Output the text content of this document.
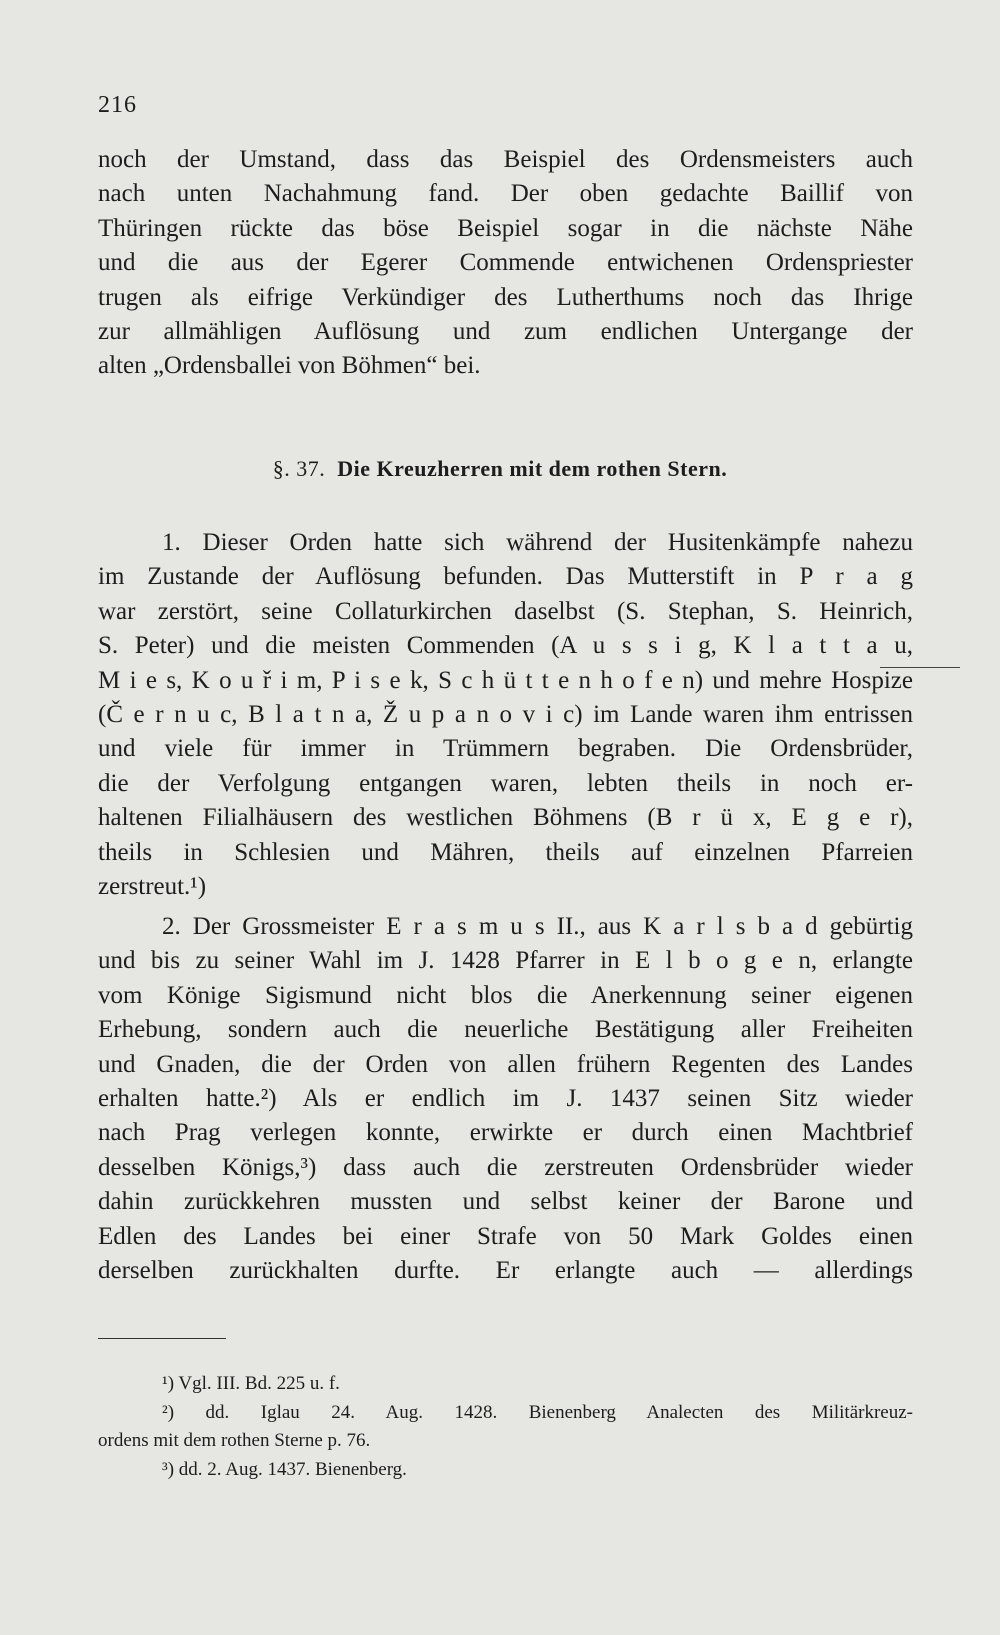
216
noch der Umstand, dass das Beispiel des Ordensmeisters auch
nach unten Nachahmung fand. Der oben gedachte Baillif von
Thüringen rückte das böse Beispiel sogar in die nächste Nähe
und die aus der Egerer Commende entwichenen Ordenspriester
trugen als eifrige Verkündiger des Lutherthums noch das Ihrige
zur allmähligen Auflösung und zum endlichen Untergange der
alten „Ordensballei von Böhmen“ bei.
§. 37. Die Kreuzherren mit dem rothen Stern.
1. Dieser Orden hatte sich während der Husitenkämpfe nahezu
im Zustande der Auflösung befunden. Das Mutterstift in P r a g
war zerstört, seine Collaturkirchen daselbst (S. Stephan, S. Heinrich,
S. Peter) und die meisten Commenden (A u s s i g, K l a t t a u,
M i e s, K o u ř i m, P i s e k, S c h ü t t e n h o f e n) und mehre Hospize
(Č e r n u c, B l a t n a, Ž u p a n o v i c) im Lande waren ihm entrissen
und viele für immer in Trümmern begraben. Die Ordensbrüder,
die der Verfolgung entgangen waren, lebten theils in noch er-
haltenen Filialhäusern des westlichen Böhmens (B r ü x, E g e r),
theils in Schlesien und Mähren, theils auf einzelnen Pfarreien
zerstreut.¹)
2. Der Grossmeister E r a s m u s II., aus K a r l s b a d gebürtig
und bis zu seiner Wahl im J. 1428 Pfarrer in E l b o g e n, erlangte
vom Könige Sigismund nicht blos die Anerkennung seiner eigenen
Erhebung, sondern auch die neuerliche Bestätigung aller Freiheiten
und Gnaden, die der Orden von allen frühern Regenten des Landes
erhalten hatte.²) Als er endlich im J. 1437 seinen Sitz wieder
nach Prag verlegen konnte, erwirkte er durch einen Machtbrief
desselben Königs,³) dass auch die zerstreuten Ordensbrüder wieder
dahin zurückkehren mussten und selbst keiner der Barone und
Edlen des Landes bei einer Strafe von 50 Mark Goldes einen
derselben zurückhalten durfte. Er erlangte auch — allerdings
¹) Vgl. III. Bd. 225 u. f.
²) dd. Iglau 24. Aug. 1428. Bienenberg Analecten des Militärkreuz-
ordens mit dem rothen Sterne p. 76.
³) dd. 2. Aug. 1437. Bienenberg.
